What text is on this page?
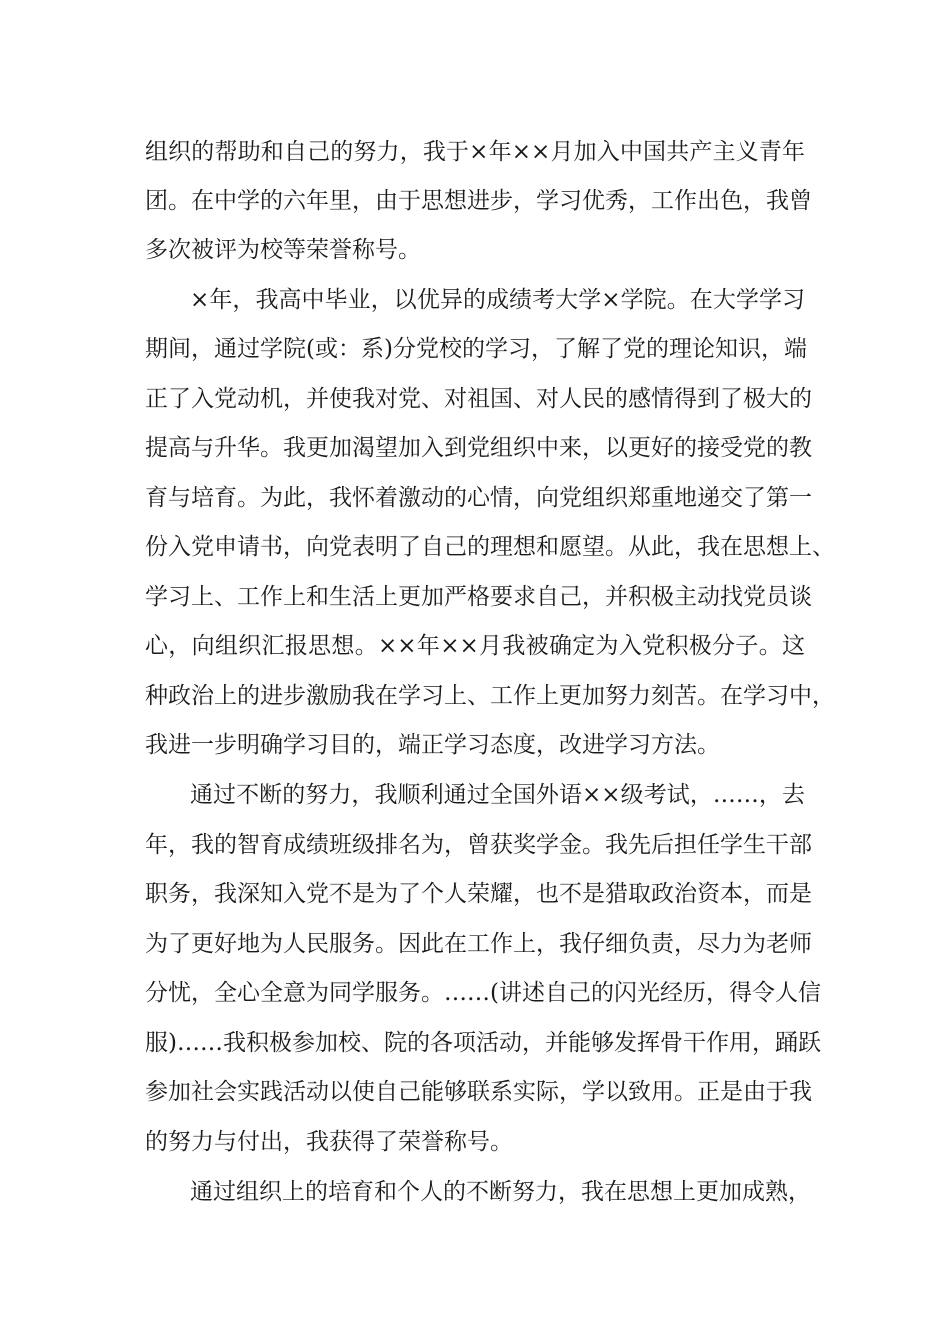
组织的帮助和自己的努力，我于×年××月加入中国共产主义青年
团。在中学的六年里，由于思想进步，学习优秀，工作出色，我曾
多次被评为校等荣誉称号。
×年，我高中毕业，以优异的成绩考大学×学院。在大学学习
期间，通过学院(或：系)分党校的学习，了解了党的理论知识，端
正了入党动机，并使我对党、对祖国、对人民的感情得到了极大的
提高与升华。我更加渴望加入到党组织中来，以更好的接受党的教
育与培育。为此，我怀着激动的心情，向党组织郑重地递交了第一
份入党申请书，向党表明了自己的理想和愿望。从此，我在思想上、
学习上、工作上和生活上更加严格要求自己，并积极主动找党员谈
心，向组织汇报思想。××年××月我被确定为入党积极分子。这
种政治上的进步激励我在学习上、工作上更加努力刻苦。在学习中，
我进一步明确学习目的，端正学习态度，改进学习方法。
通过不断的努力，我顺利通过全国外语××级考试，……，去
年，我的智育成绩班级排名为，曾获奖学金。我先后担任学生干部
职务，我深知入党不是为了个人荣耀，也不是猎取政治资本，而是
为了更好地为人民服务。因此在工作上，我仔细负责，尽力为老师
分忧，全心全意为同学服务。……(讲述自己的闪光经历，得令人信
服)……我积极参加校、院的各项活动，并能够发挥骨干作用，踊跃
参加社会实践活动以使自己能够联系实际，学以致用。正是由于我
的努力与付出，我获得了荣誉称号。
通过组织上的培育和个人的不断努力，我在思想上更加成熟，
